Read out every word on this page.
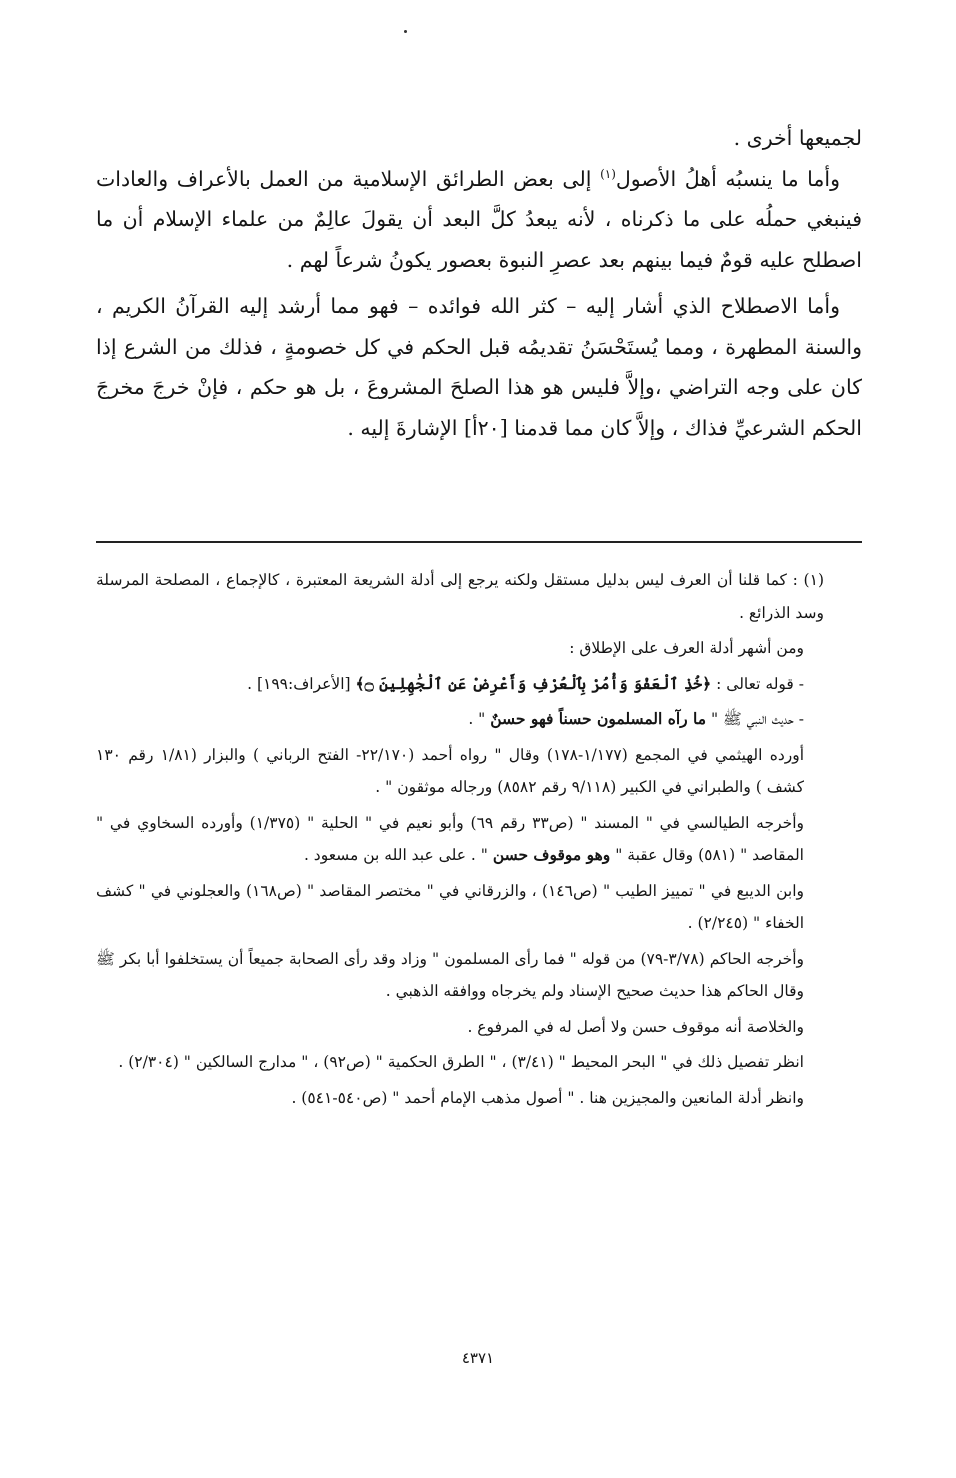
لجميعها أخرى .

وأما ما ينسبُه أهلُ الأصول$^{(١)}$ إلى بعض الطرائق الإسلامية من العمل بالأعراف والعادات فينبغي حملُه على ما ذكرناه ، لأنه يبعدُ كلَّ البعد أن يقولَ عالِمٌ من علماء الإسلام أن ما اصطلح عليه قومٌ فيما بينهم بعد عصرِ النبوة بعصور يكونُ شرعاً لهم .

وأما الاصطلاح الذي أشار إليه – كثر الله فوائده – فهو مما أرشد إليه القرآنُ الكريم ، والسنة المطهرة ، ومما يُستَحْسَنُ تقديمُه قبل الحكم في كل خصومةٍ ، فذلك من الشرع إذا كان على وجه التراضي ،وإلاَّ فليس هو هذا الصلحَ المشروعَ ، بل هو حكم ، فإنْ خرجَ مخرجَ الحكم الشرعيِّ فذاك ، وإلاَّ كان مما قدمنا [٢٠أ] الإشارةَ إليه .

(١) : كما قلنا أن العرف ليس بدليل مستقل ولكنه يرجع إلى أدلة الشريعة المعتبرة ، كالإجماع ، المصلحة المرسلة وسد الذرائع .

ومن أشهر أدلة العرف على الإطلاق :

- قوله تعالى : ﴿خُذِ ٱلْعَفْوَ وَأْمُرْ بِٱلْعُرْفِ وَأَعْرِضْ عَنِ ٱلْجَٰهِلِينَ ۝﴾ [الأعراف:١٩٩] .

- حديث النبي ﷺ " ما رآه المسلمون حسناً فهو حسنٌ " .

أورده الهيثمي في المجمع (١/١٧٧-١٧٨) وقال " رواه أحمد (٢٢/١٧٠- الفتح الرباني ) والبزار (١/٨١ رقم ١٣٠ كشف ) والطبراني في الكبير (٩/١١٨ رقم ٨٥٨٢) ورجاله موثقون " .

وأخرجه الطيالسي في " المسند " (ص٣٣ رقم ٦٩) وأبو نعيم في " الحلية " (١/٣٧٥) وأورده السخاوي في " المقاصد " (٥٨١) وقال عقبة " وهو موقوف حسن " . على عبد الله بن مسعود .

وابن الديبع في " تمييز الطيب " (ص١٤٦) ، والزرقاني في " مختصر المقاصد " (ص١٦٨) والعجلوني في " كشف الخفاء " (٢/٢٤٥) .

وأخرجه الحاكم (٣/٧٨-٧٩) من قوله " فما رأى المسلمون " وزاد وقد رأى الصحابة جميعاً أن يستخلفوا أبا بكر ﷺ وقال الحاكم هذا حديث صحيح الإسناد ولم يخرجاه ووافقه الذهبي .

والخلاصة أنه موقوف حسن ولا أصل له في المرفوع .

انظر تفصيل ذلك في " البحر المحيط " (٣/٤١) ، " الطرق الحكمية " (ص٩٢) ، " مدارج السالكين " (٢/٣٠٤) .

وانظر أدلة المانعين والمجيزين هنا . " أصول مذهب الإمام أحمد " (ص٥٤٠-٥٤١) .

٤٣٧١
